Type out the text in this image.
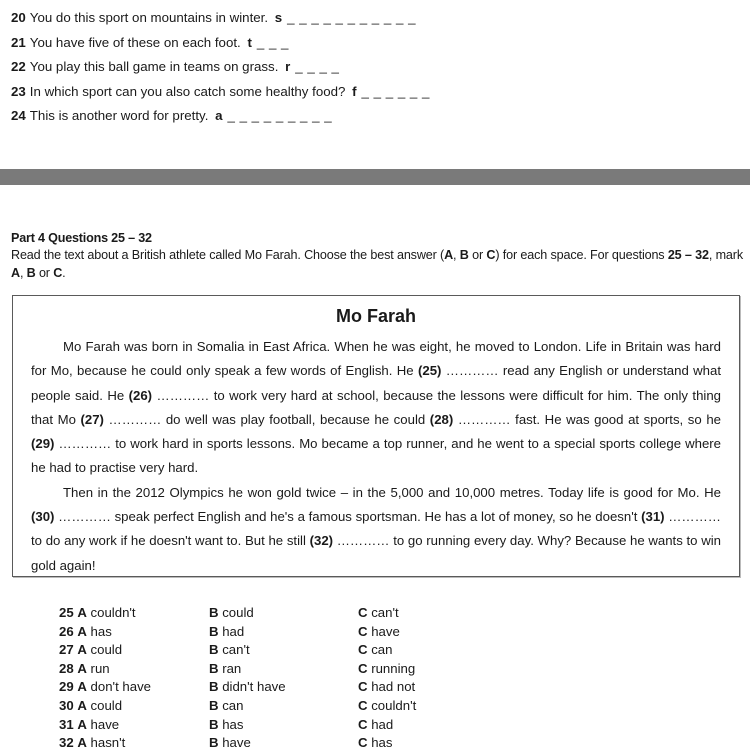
20 You do this sport on mountains in winter. s _ _ _ _ _ _ _ _ _ _ _
21 You have five of these on each foot. t _ _ _
22 You play this ball game in teams on grass. r _ _ _ _
23 In which sport can you also catch some healthy food? f _ _ _ _ _ _
24 This is another word for pretty. a _ _ _ _ _ _ _ _ _
Part 4 Questions 25 – 32
Read the text about a British athlete called Mo Farah. Choose the best answer (A, B or C) for each space. For questions 25 – 32, mark A, B or C.
Mo Farah

Mo Farah was born in Somalia in East Africa. When he was eight, he moved to London. Life in Britain was hard for Mo, because he could only speak a few words of English. He (25) ………… read any English or understand what people said. He (26) ………… to work very hard at school, because the lessons were difficult for him. The only thing that Mo (27) ………… do well was play football, because he could (28) ………… fast. He was good at sports, so he (29) ………… to work hard in sports lessons. Mo became a top runner, and he went to a special sports college where he had to practise very hard.

Then in the 2012 Olympics he won gold twice – in the 5,000 and 10,000 metres. Today life is good for Mo. He (30) ………… speak perfect English and he's a famous sportsman. He has a lot of money, so he doesn't (31) ………… to do any work if he doesn't want to. But he still (32) ………… to go running every day. Why? Because he wants to win gold again!

25 A couldn't	B could	C can't
26 A has	B had	C have
27 A could	B can't	C can
28 A run	B ran	C running
29 A don't have	B didn't have	C had not
30 A could	B can	C couldn't
31 A have	B has	C had
32 A hasn't	B have	C has
